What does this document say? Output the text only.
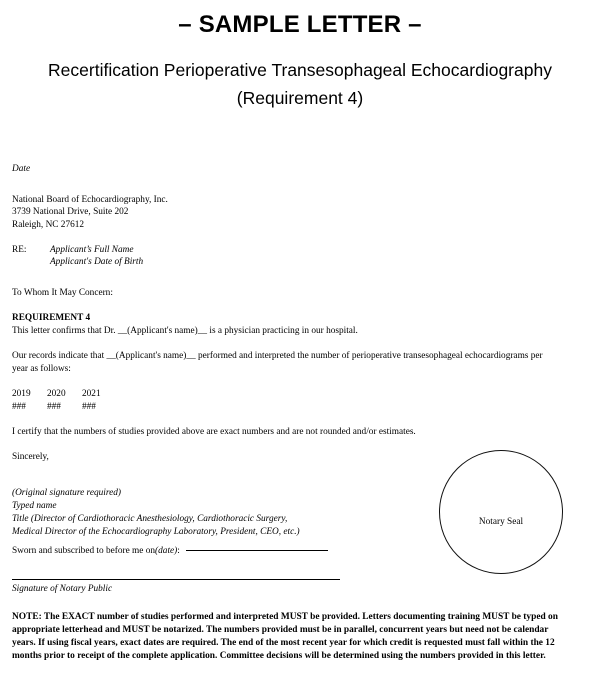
– SAMPLE LETTER –
Recertification Perioperative Transesophageal Echocardiography
(Requirement 4)
Date
National Board of Echocardiography, Inc.
3739 National Drive, Suite 202
Raleigh, NC 27612
RE:	Applicant’s Full Name
Applicant's Date of Birth
To Whom It May Concern:
REQUIREMENT 4
This letter confirms that Dr. __(Applicant's name)__ is a physician practicing in our hospital.
Our records indicate that __(Applicant's name)__ performed and interpreted the number of perioperative transesophageal echocardiograms per year as follows:
2019	2020	2021
###	###	###
I certify that the numbers of studies provided above are exact numbers and are not rounded and/or estimates.
Sincerely,
(Original signature required)
Typed name
Title (Director of Cardiothoracic Anesthesiology, Cardiothoracic Surgery,
Medical Director of the Echocardiography Laboratory, President, CEO, etc.)
Sworn and subscribed to before me on (date) :
Signature of Notary Public
Notary Seal
NOTE: The EXACT number of studies performed and interpreted MUST be provided. Letters documenting training MUST be typed on appropriate letterhead and MUST be notarized. The numbers provided must be in parallel, concurrent years but need not be calendar years. If using fiscal years, exact dates are required. The end of the most recent year for which credit is requested must fall within the 12 months prior to receipt of the complete application. Committee decisions will be determined using the numbers provided in this letter.
